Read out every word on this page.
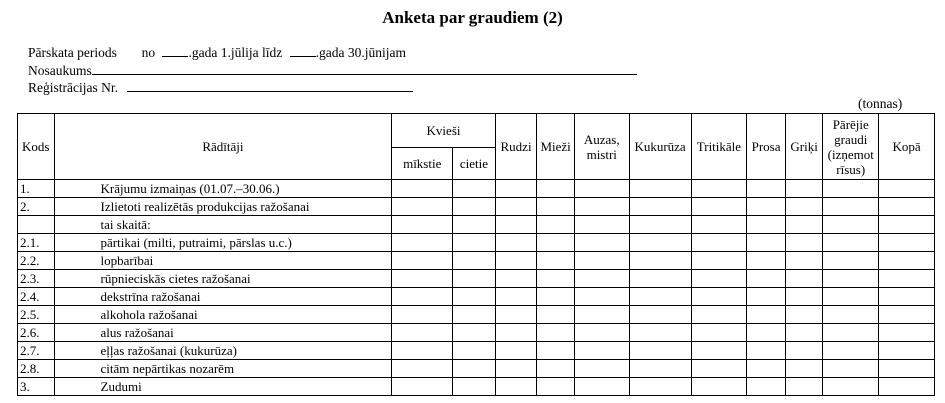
Anketa par graudiem (2)
Pārskata periods no .gada 1.jūlija līdz .gada 30.jūnijam
Nosaukums
Reģistrācijas Nr.
(tonnas)
Kods	Rādītāji	Kvieši		Rudzi	Mieži	Auzas,
mistri	Kukurūza	Tritikāle	Prosa	Griķi	Pārējie
graudi
(izņemot
rīsus)	Kopā
		mīkstie	cietie									
1.	Krājumu izmaiņas (01.07.–30.06.)											
2.	Izlietoti realizētās produkcijas ražošanai											
	tai skaitā:											
2.1.	pārtikai (milti, putraimi, pārslas u.c.)											
2.2.	lopbarībai											
2.3.	rūpnieciskās cietes ražošanai											
2.4.	dekstrīna ražošanai											
2.5.	alkohola ražošanai											
2.6.	alus ražošanai											
2.7.	eļļas ražošanai (kukurūza)											
2.8.	citām nepārtikas nozarēm											
3.	Zudumi											
